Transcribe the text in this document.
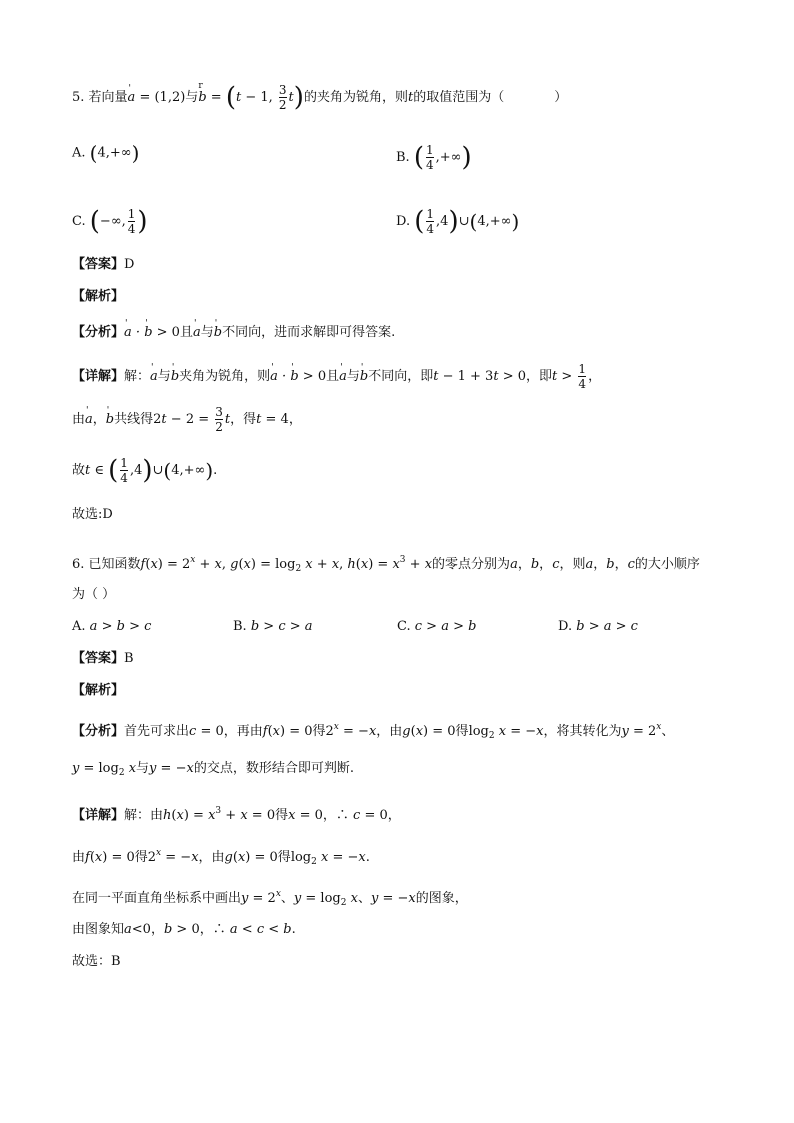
5. 若向量' a = (1,2)与r b = (t − 1, $\frac{3}{2} t$)的夹角为锐角，则t的取值范围为（	）
A. (4,+∞)	B. ( $\frac{1}{4}$ ,+∞)
C. (−∞, $\frac{1}{4}$ )	D. ( $\frac{1}{4}$ ,4)∪(4,+∞)
【答案】D
【解析】
【分析】' a · ' b > 0且' a与' b不同向，进而求解即可得答案.
【详解】解：' a与' b夹角为锐角，则' a · ' b > 0且' a与' b不同向，即t − 1 + 3t > 0，即$t > \frac{1}{4}$ ，
由' a，' b共线得$2t - 2 = \frac{3}{2}$ t，得t = 4，
故t ∈ ( $\frac{1}{4}$ ,4)∪(4,+∞).
故选:D
6. 已知函数$f(x) = 2^x + x$, $g(x) = \log_2 x + x$, $h(x) = x^3 + x$的零点分别为a，b，c，则a，b，c的大小顺序
为（ ）
A. a > b > c	B. b > c > a	C. c > a > b	D. b > a > c
【答案】B
【解析】
【分析】首先可求出c = 0，再由f(x) = 0得$2^x = -x$，由g(x) = 0得$\log_2 x = -x$，将其转化为$y = 2^x$、
$y = \log_2 x$与y = −x的交点，数形结合即可判断.
【详解】解：由$h(x) = x^3 + x = 0$得x = 0，∴ c = 0，
由f(x) = 0得$2^x = -x$，由g(x) = 0得$\log_2 x = -x$.
在同一平面直角坐标系中画出$y = 2^x$、$y = \log_2 x$、y = −x的图象，
由图象知a<0，b > 0，∴ a < c < b.
故选：B
